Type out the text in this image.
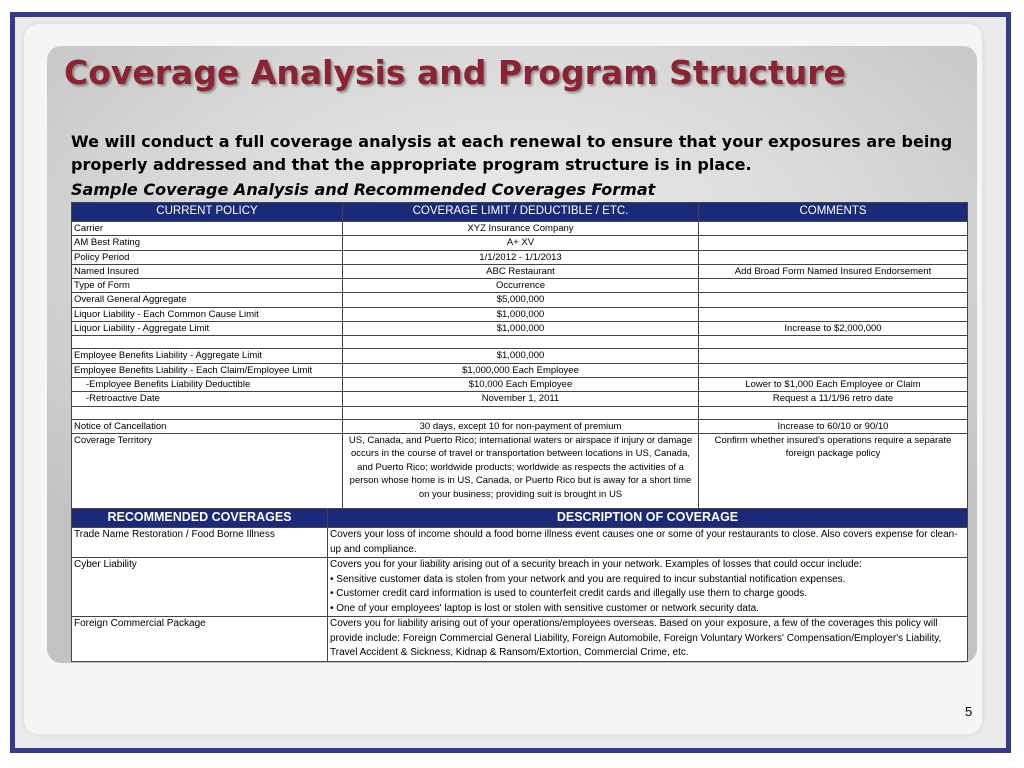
Coverage Analysis and Program Structure

We will conduct a full coverage analysis at each renewal to ensure that your exposures are being properly addressed and that the appropriate program structure is in place.

Sample Coverage Analysis and Recommended Coverages Format

CURRENT POLICY	COVERAGE LIMIT / DEDUCTIBLE / ETC.	COMMENTS
Carrier	XYZ Insurance Company	
AM Best Rating	A+ XV	
Policy Period	1/1/2012 - 1/1/2013	
Named Insured	ABC Restaurant	Add Broad Form Named Insured Endorsement
Type of Form	Occurrence	
Overall General Aggregate	$5,000,000	
Liquor Liability - Each Common Cause Limit	$1,000,000	
Liquor Liability - Aggregate Limit	$1,000,000	Increase to $2,000,000

Employee Benefits Liability - Aggregate Limit	$1,000,000	
Employee Benefits Liability - Each Claim/Employee Limit	$1,000,000 Each Employee	
-Employee Benefits Liability Deductible	$10,000 Each Employee	Lower to $1,000 Each Employee or Claim
-Retroactive Date	November 1, 2011	Request a 11/1/96 retro date

Notice of Cancellation	30 days, except 10 for non-payment of premium	Increase to 60/10 or 90/10
Coverage Territory	US, Canada, and Puerto Rico; international waters or airspace if injury or damage occurs in the course of travel or transportation between locations in US, Canada, and Puerto Rico; worldwide products; worldwide as respects the activities of a person whose home is in US, Canada, or Puerto Rico but is away for a short time on your business; providing suit is brought in US	Confirm whether insured's operations require a separate foreign package policy
RECOMMENDED COVERAGES	DESCRIPTION OF COVERAGE
Trade Name Restoration / Food Borne Illness	Covers your loss of income should a food borne illness event causes one or some of your restaurants to close. Also covers expense for clean-up and compliance.

Cyber Liability	Covers you for your liability arising out of a security breach in your network. Examples of losses that could occur include:
• Sensitive customer data is stolen from your network and you are required to incur substantial notification expenses.
• Customer credit card information is used to counterfeit credit cards and illegally use them to charge goods.
• One of your employees' laptop is lost or stolen with sensitive customer or network security data.

Foreign Commercial Package	Covers you for liability arising out of your operations/employees overseas. Based on your exposure, a few of the coverages this policy will provide include: Foreign Commercial General Liability, Foreign Automobile, Foreign Voluntary Workers' Compensation/Employer's Liability, Travel Accident & Sickness, Kidnap & Ransom/Extortion, Commercial Crime, etc.

5
